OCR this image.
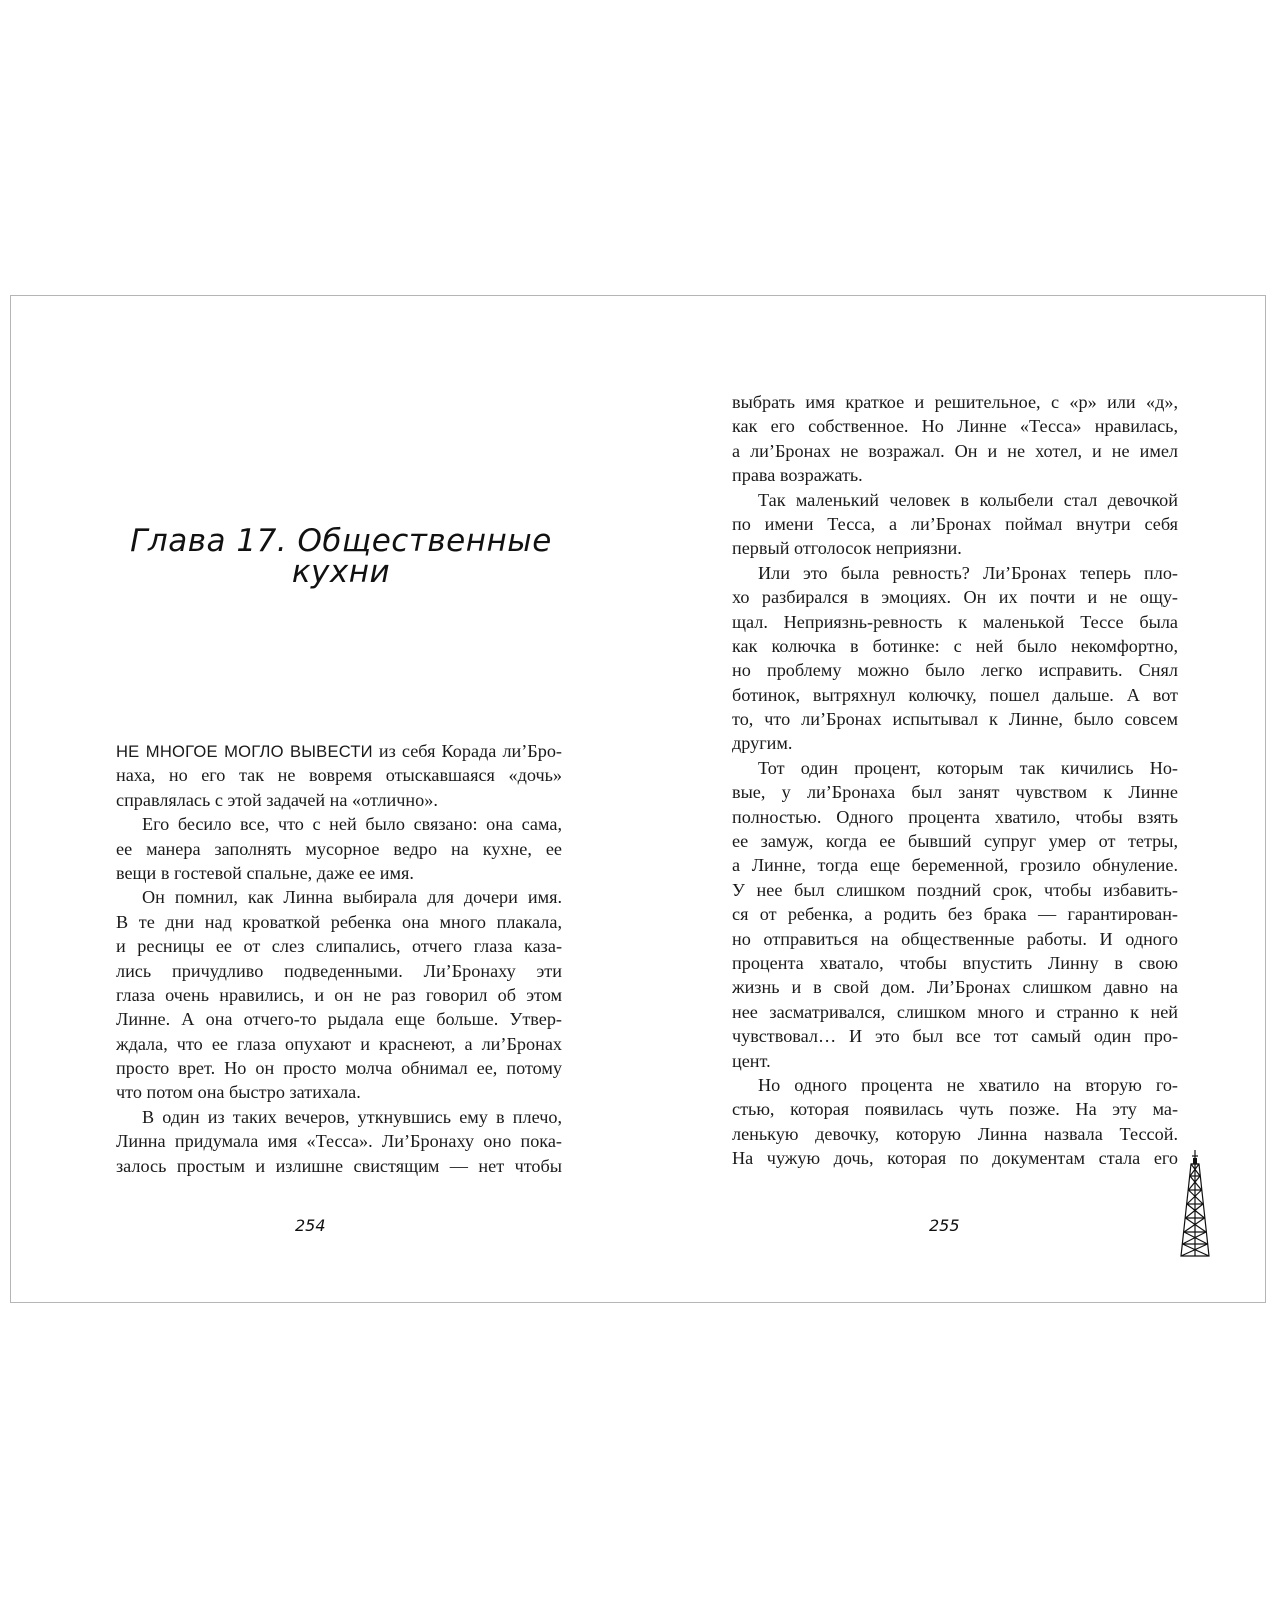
Глава 17. Общественные
кухни
НЕ МНОГОЕ МОГЛО ВЫВЕСТИ из себя Корада ли’Бро-
наха, но его так не вовремя отыскавшаяся «дочь»
справлялась с этой задачей на «отлично».
Его бесило все, что с ней было связано: она сама,
ее манера заполнять мусорное ведро на кухне, ее
вещи в гостевой спальне, даже ее имя.
Он помнил, как Линна выбирала для дочери имя.
В те дни над кроваткой ребенка она много плакала,
и ресницы ее от слез слипались, отчего глаза каза-
лись причудливо подведенными. Ли’Бронаху эти
глаза очень нравились, и он не раз говорил об этом
Линне. А она отчего-то рыдала еще больше. Утвер-
ждала, что ее глаза опухают и краснеют, а ли’Бронах
просто врет. Но он просто молча обнимал ее, потому
что потом она быстро затихала.
В один из таких вечеров, уткнувшись ему в плечо,
Линна придумала имя «Тесса». Ли’Бронаху оно пока-
залось простым и излишне свистящим — нет чтобы
254
выбрать имя краткое и решительное, с «р» или «д»,
как его собственное. Но Линне «Тесса» нравилась,
а ли’Бронах не возражал. Он и не хотел, и не имел
права возражать.
Так маленький человек в колыбели стал девочкой
по имени Тесса, а ли’Бронах поймал внутри себя
первый отголосок неприязни.
Или это была ревность? Ли’Бронах теперь пло-
хо разбирался в эмоциях. Он их почти и не ощу-
щал. Неприязнь-ревность к маленькой Тессе была
как колючка в ботинке: с ней было некомфортно,
но проблему можно было легко исправить. Снял
ботинок, вытряхнул колючку, пошел дальше. А вот
то, что ли’Бронах испытывал к Линне, было совсем
другим.
Тот один процент, которым так кичились Но-
вые, у ли’Бронаха был занят чувством к Линне
полностью. Одного процента хватило, чтобы взять
ее замуж, когда ее бывший супруг умер от тетры,
а Линне, тогда еще беременной, грозило обнуление.
У нее был слишком поздний срок, чтобы избавить-
ся от ребенка, а родить без брака — гарантирован-
но отправиться на общественные работы. И одного
процента хватало, чтобы впустить Линну в свою
жизнь и в свой дом. Ли’Бронах слишком давно на
нее засматривался, слишком много и странно к ней
чувствовал… И это был все тот самый один про-
цент.
Но одного процента не хватило на вторую го-
стью, которая появилась чуть позже. На эту ма-
ленькую девочку, которую Линна назвала Тессой.
На чужую дочь, которая по документам стала его
255
